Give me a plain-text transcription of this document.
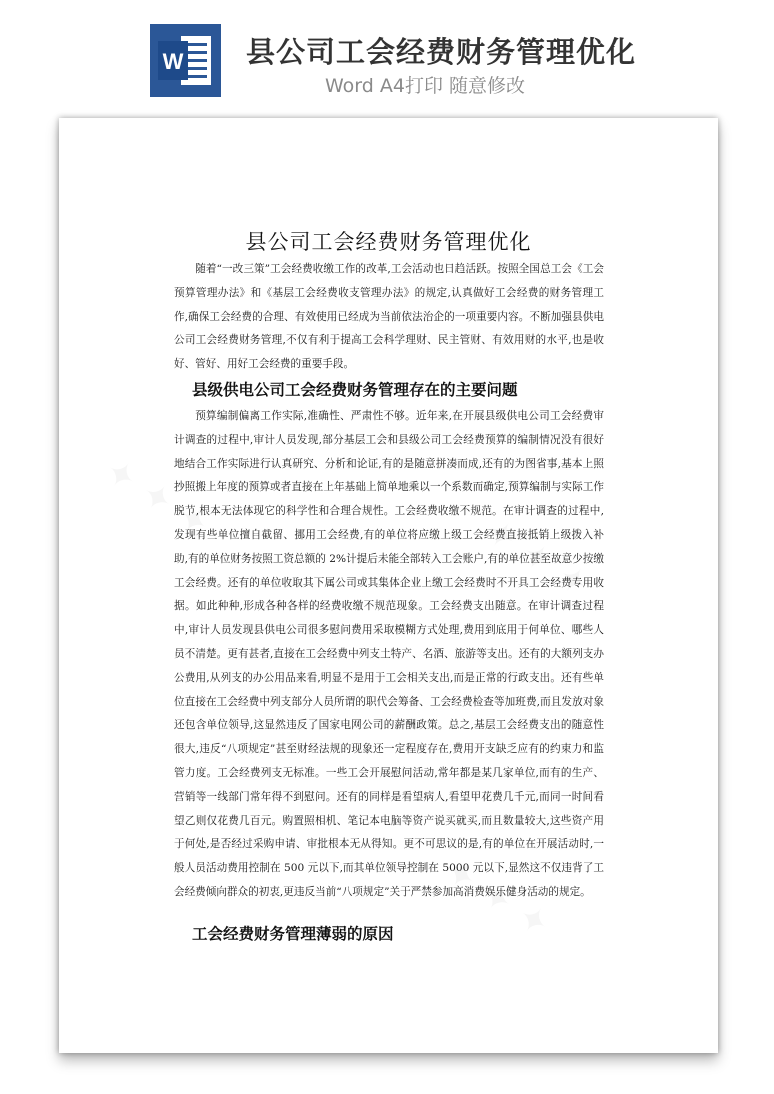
W 县公司工会经费财务管理优化
Word A4打印 随意修改
县公司工会经费财务管理优化

随着“一改三策”工会经费收缴工作的改革,工会活动也日趋活跃。按照全国总工会《工会预算管理办法》和《基层工会经费收支管理办法》的规定,认真做好工会经费的财务管理工作,确保工会经费的合理、有效使用已经成为当前依法治企的一项重要内容。不断加强县供电公司工会经费财务管理,不仅有利于提高工会科学理财、民主管财、有效用财的水平,也是收好、管好、用好工会经费的重要手段。

县级供电公司工会经费财务管理存在的主要问题

预算编制偏离工作实际,准确性、严肃性不够。近年来,在开展县级供电公司工会经费审计调查的过程中,审计人员发现,部分基层工会和县级公司工会经费预算的编制情况没有很好地结合工作实际进行认真研究、分析和论证,有的是随意拼凑而成,还有的为图省事,基本上照抄照搬上年度的预算或者直接在上年基础上简单地乘以一个系数而确定,预算编制与实际工作脱节,根本无法体现它的科学性和合理合规性。工会经费收缴不规范。在审计调查的过程中,发现有些单位擅自截留、挪用工会经费,有的单位将应缴上级工会经费直接抵销上级拨入补助,有的单位财务按照工资总额的 2%计提后未能全部转入工会账户,有的单位甚至故意少按缴工会经费。还有的单位收取其下属公司或其集体企业上缴工会经费时不开具工会经费专用收据。如此种种,形成各种各样的经费收缴不规范现象。工会经费支出随意。在审计调查过程中,审计人员发现县供电公司很多慰问费用采取模糊方式处理,费用到底用于何单位、哪些人员不清楚。更有甚者,直接在工会经费中列支土特产、名酒、旅游等支出。还有的大额列支办公费用,从列支的办公用品来看,明显不是用于工会相关支出,而是正常的行政支出。还有些单位直接在工会经费中列支部分人员所谓的职代会筹备、工会经费检查等加班费,而且发放对象还包含单位领导,这显然违反了国家电网公司的薪酬政策。总之,基层工会经费支出的随意性很大,违反“八项规定”甚至财经法规的现象还一定程度存在,费用开支缺乏应有的约束力和监管力度。工会经费列支无标准。一些工会开展慰问活动,常年都是某几家单位,而有的生产、营销等一线部门常年得不到慰问。还有的同样是看望病人,看望甲花费几千元,而同一时间看望乙则仅花费几百元。购置照相机、笔记本电脑等资产说买就买,而且数量较大,这些资产用于何处,是否经过采购申请、审批根本无从得知。更不可思议的是,有的单位在开展活动时,一般人员活动费用控制在 500 元以下,而其单位领导控制在 5000 元以下,显然这不仅违背了工会经费倾向群众的初衷,更违反当前“八项规定”关于严禁参加高消费娱乐健身活动的规定。

工会经费财务管理薄弱的原因
